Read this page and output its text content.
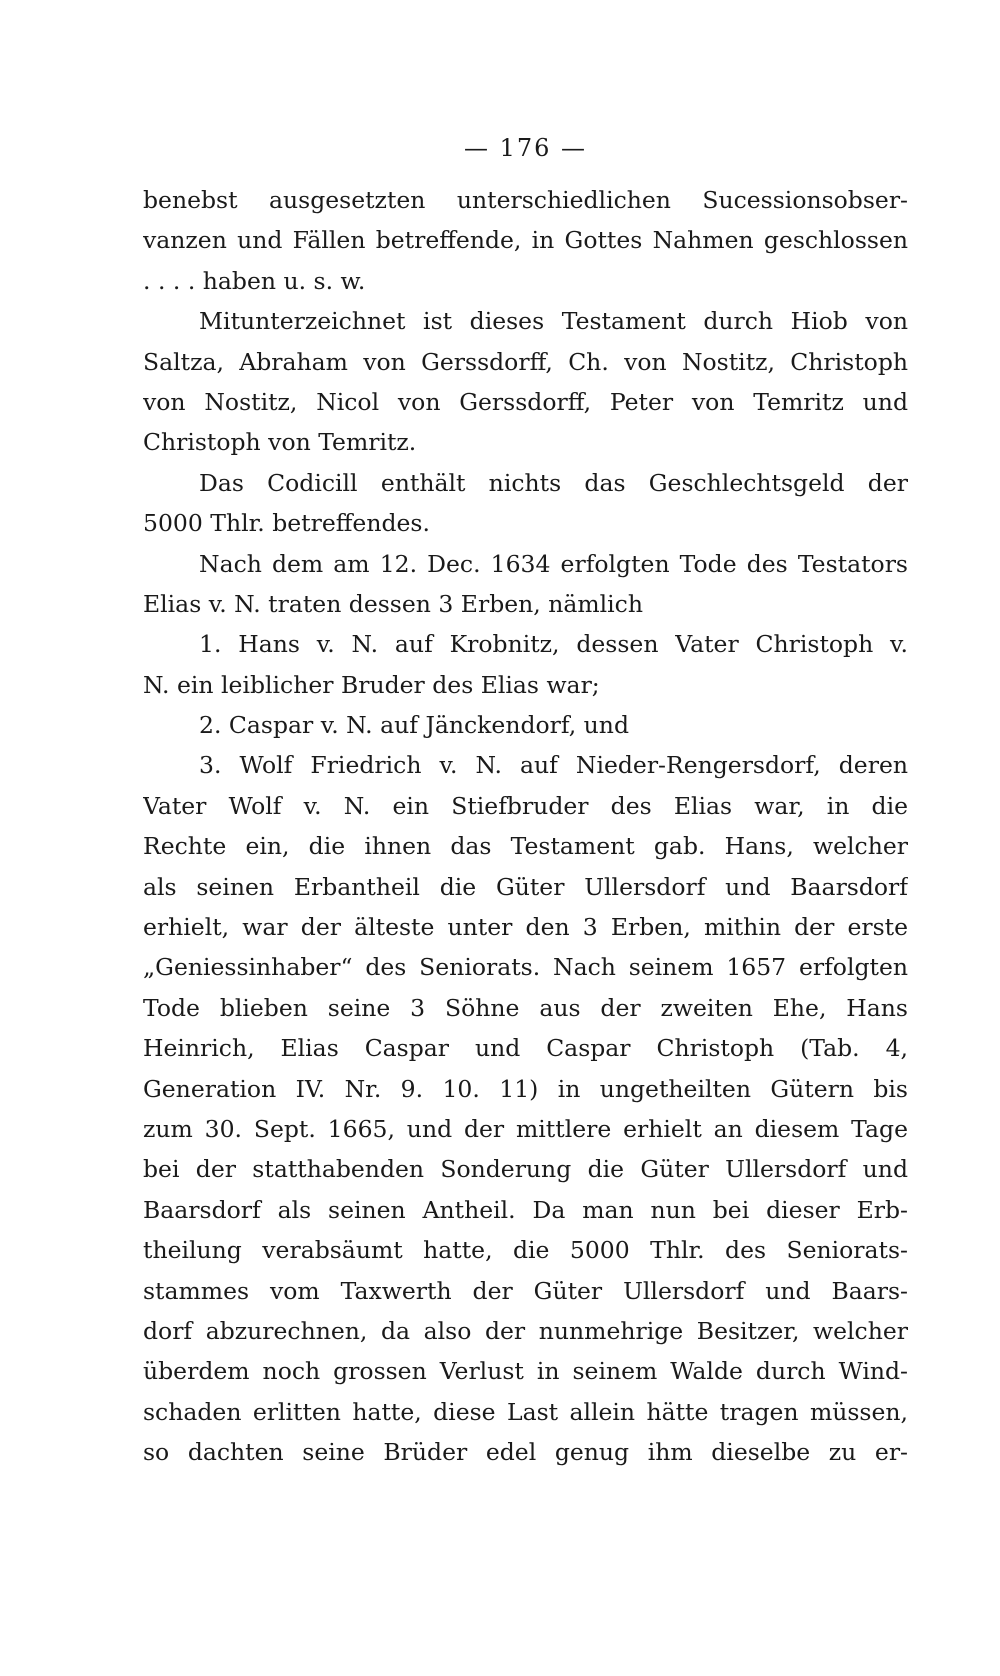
— 176 —
benebst ausgesetzten unterschiedlichen Sucessionsobser-
vanzen und Fällen betreffende, in Gottes Nahmen geschlossen
. . . . haben u. s. w.
Mitunterzeichnet ist dieses Testament durch Hiob von
Saltza, Abraham von Gerssdorff, Ch. von Nostitz, Christoph
von Nostitz, Nicol von Gerssdorff, Peter von Temritz und
Christoph von Temritz.
Das Codicill enthält nichts das Geschlechtsgeld der
5000 Thlr. betreffendes.
Nach dem am 12. Dec. 1634 erfolgten Tode des Testators
Elias v. N. traten dessen 3 Erben, nämlich
1. Hans v. N. auf Krobnitz, dessen Vater Christoph v.
N. ein leiblicher Bruder des Elias war;
2. Caspar v. N. auf Jänckendorf, und
3. Wolf Friedrich v. N. auf Nieder-Rengersdorf, deren
Vater Wolf v. N. ein Stiefbruder des Elias war, in die
Rechte ein, die ihnen das Testament gab. Hans, welcher
als seinen Erbantheil die Güter Ullersdorf und Baarsdorf
erhielt, war der älteste unter den 3 Erben, mithin der erste
„Geniessinhaber“ des Seniorats. Nach seinem 1657 erfolgten
Tode blieben seine 3 Söhne aus der zweiten Ehe, Hans
Heinrich, Elias Caspar und Caspar Christoph (Tab. 4,
Generation IV. Nr. 9. 10. 11) in ungetheilten Gütern bis
zum 30. Sept. 1665, und der mittlere erhielt an diesem Tage
bei der statthabenden Sonderung die Güter Ullersdorf und
Baarsdorf als seinen Antheil. Da man nun bei dieser Erb-
theilung verabsäumt hatte, die 5000 Thlr. des Seniorats-
stammes vom Taxwerth der Güter Ullersdorf und Baars-
dorf abzurechnen, da also der nunmehrige Besitzer, welcher
überdem noch grossen Verlust in seinem Walde durch Wind-
schaden erlitten hatte, diese Last allein hätte tragen müssen,
so dachten seine Brüder edel genug ihm dieselbe zu er-
